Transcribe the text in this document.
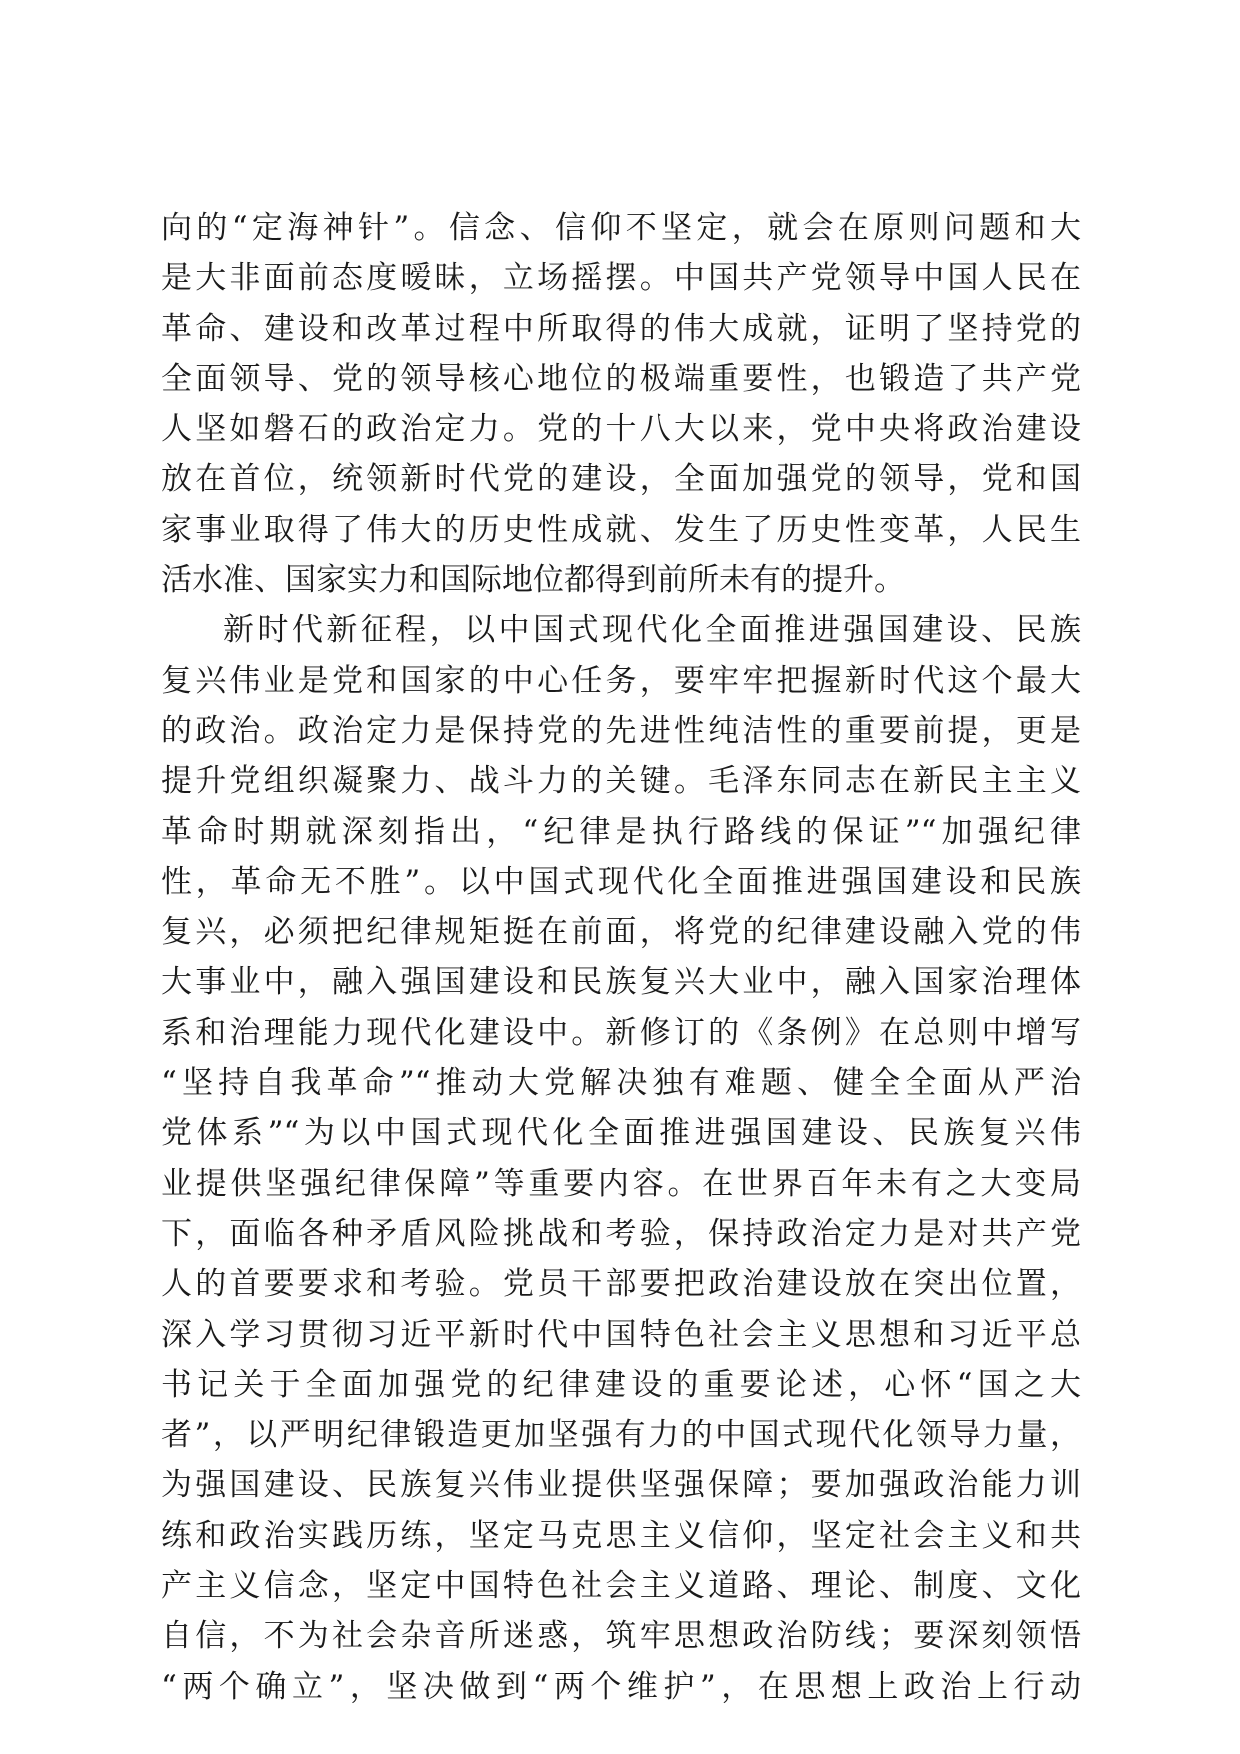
向的“定海神针”。信念、信仰不坚定，就会在原则问题和大
是大非面前态度暧昧，立场摇摆。中国共产党领导中国人民在
革命、建设和改革过程中所取得的伟大成就，证明了坚持党的
全面领导、党的领导核心地位的极端重要性，也锻造了共产党
人坚如磐石的政治定力。党的十八大以来，党中央将政治建设
放在首位，统领新时代党的建设，全面加强党的领导，党和国
家事业取得了伟大的历史性成就、发生了历史性变革，人民生
活水准、国家实力和国际地位都得到前所未有的提升。
新时代新征程，以中国式现代化全面推进强国建设、民族
复兴伟业是党和国家的中心任务，要牢牢把握新时代这个最大
的政治。政治定力是保持党的先进性纯洁性的重要前提，更是
提升党组织凝聚力、战斗力的关键。毛泽东同志在新民主主义
革命时期就深刻指出，“纪律是执行路线的保证”“加强纪律
性，革命无不胜”。以中国式现代化全面推进强国建设和民族
复兴，必须把纪律规矩挺在前面，将党的纪律建设融入党的伟
大事业中，融入强国建设和民族复兴大业中，融入国家治理体
系和治理能力现代化建设中。新修订的《条例》在总则中增写
“坚持自我革命”“推动大党解决独有难题、健全全面从严治
党体系”“为以中国式现代化全面推进强国建设、民族复兴伟
业提供坚强纪律保障”等重要内容。在世界百年未有之大变局
下，面临各种矛盾风险挑战和考验，保持政治定力是对共产党
人的首要要求和考验。党员干部要把政治建设放在突出位置，
深入学习贯彻习近平新时代中国特色社会主义思想和习近平总
书记关于全面加强党的纪律建设的重要论述，心怀“国之大
者”，以严明纪律锻造更加坚强有力的中国式现代化领导力量，
为强国建设、民族复兴伟业提供坚强保障；要加强政治能力训
练和政治实践历练，坚定马克思主义信仰，坚定社会主义和共
产主义信念，坚定中国特色社会主义道路、理论、制度、文化
自信，不为社会杂音所迷惑，筑牢思想政治防线；要深刻领悟
“两个确立”，坚决做到“两个维护”，在思想上政治上行动
